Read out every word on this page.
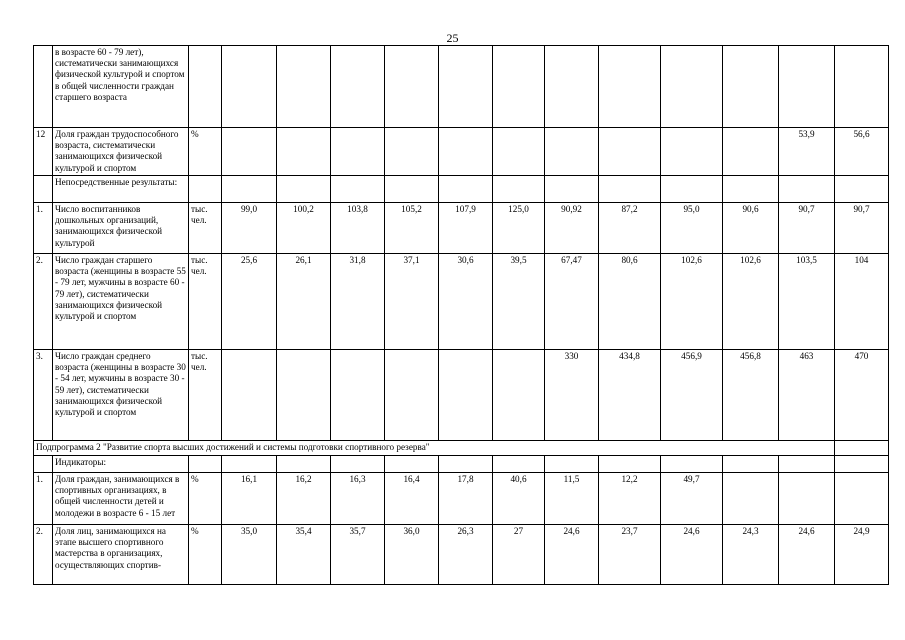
25
	в возрасте 60 - 79 лет), систематически занимающихся физической культурой и спортом в общей численности граждан старшего возраста													
12	Доля граждан трудоспособного возраста, систематически занимающихся физической культурой и спортом	%											53,9	56,6
	Непосредственные результаты:													
1.	Число воспитанников дошкольных организаций, занимающихся физической культурой	тыс. чел.	99,0	100,2	103,8	105,2	107,9	125,0	90,92	87,2	95,0	90,6	90,7	90,7
2.	Число граждан старшего возраста (женщины в возрасте 55 - 79 лет, мужчины в возрасте 60 - 79 лет), систематически занимающихся физической культурой и спортом	тыс. чел.	25,6	26,1	31,8	37,1	30,6	39,5	67,47	80,6	102,6	102,6	103,5	104
3.	Число граждан среднего возраста (женщины в возрасте 30 - 54 лет, мужчины в возрасте 30 - 59 лет), систематически занимающихся физической культурой и спортом	тыс. чел.							330	434,8	456,9	456,8	463	470
Подпрограмма 2 "Развитие спорта высших достижений и системы подготовки спортивного резерва"														
	Индикаторы:													
1.	Доля граждан, занимающихся в спортивных организациях, в общей численности детей и молодежи в возрасте 6 - 15 лет	%	16,1	16,2	16,3	16,4	17,8	40,6	11,5	12,2	49,7			
2.	Доля лиц, занимающихся на этапе высшего спортивного мастерства в организациях, осуществляющих спортив-	%	35,0	35,4	35,7	36,0	26,3	27	24,6	23,7	24,6	24,3	24,6	24,9
